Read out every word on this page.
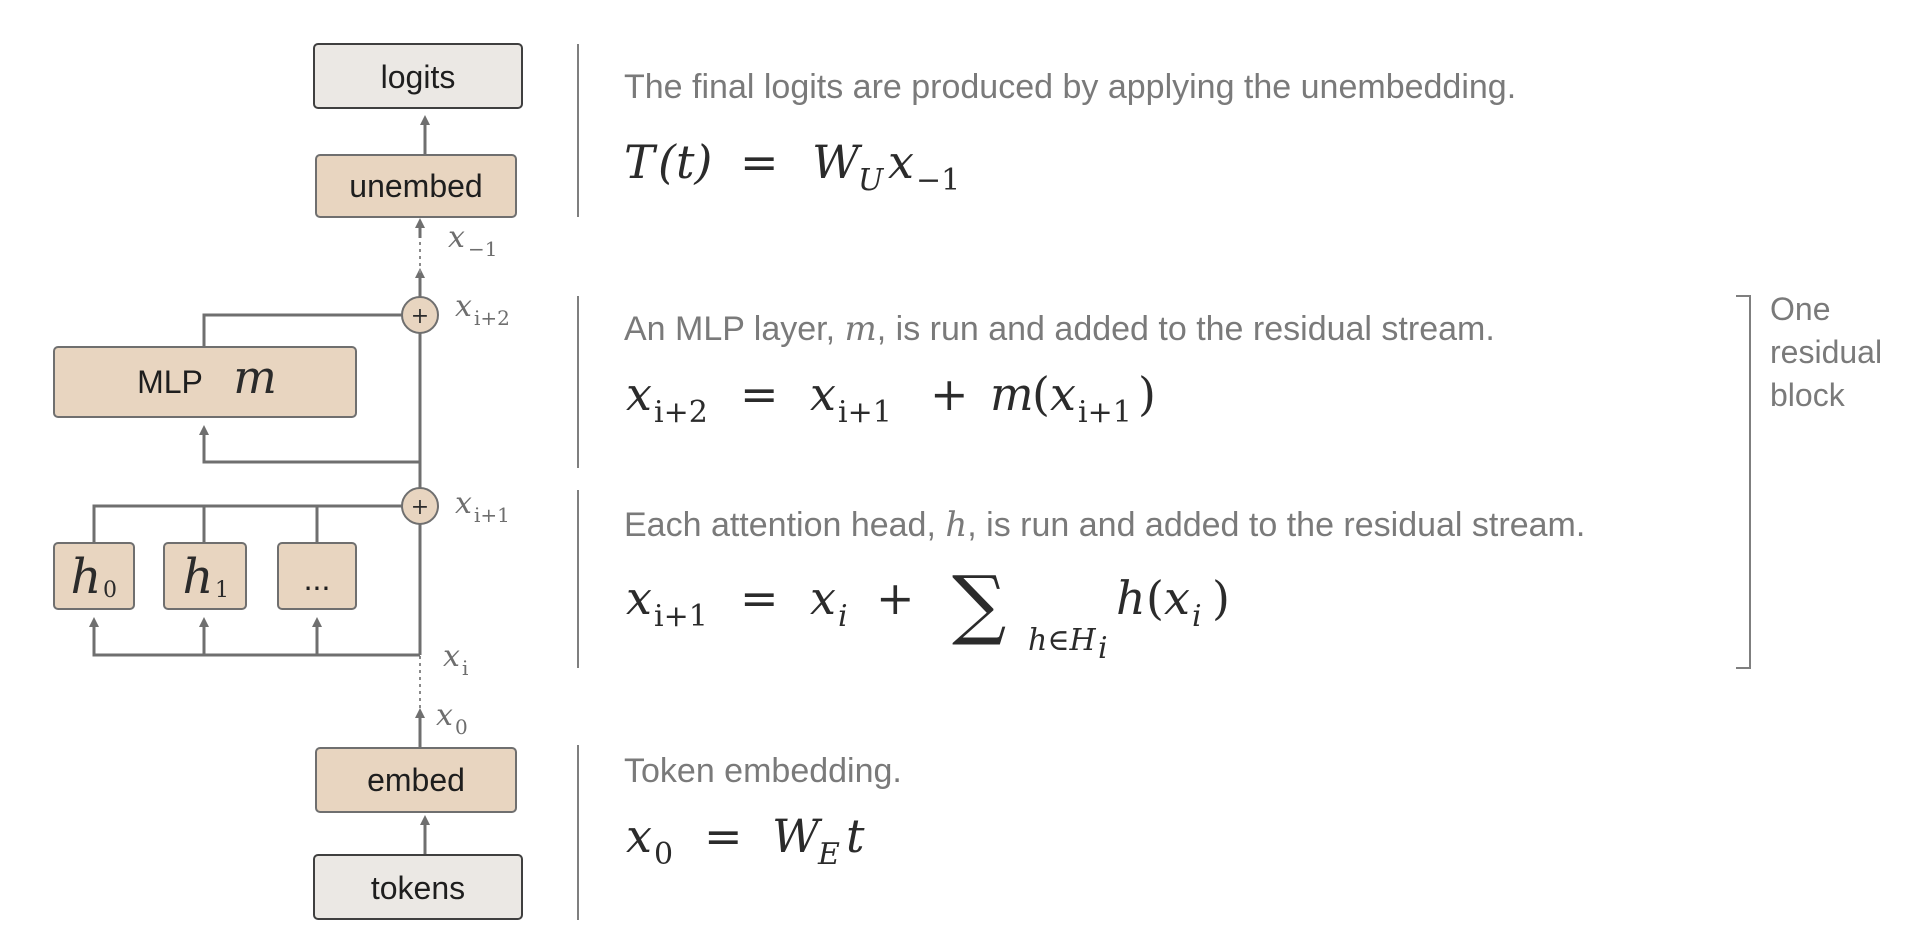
logits
unembed
MLP m
h 0 h 1 ...
embed
tokens
+
+
x −1
x i+2
x i+1
x i
x 0
The final logits are produced by applying the unembedding.
An MLP layer, m, is run and added to the residual stream.
Each attention head, h, is run and added to the residual stream.
Token embedding.
T (t) = W
U x −1
x i+2 = x i+1 + m
( x i+1 )
x i+1 = x i + ∑ h∈H i
h ( x i )
x 0 = W
E t
One
residual
block
